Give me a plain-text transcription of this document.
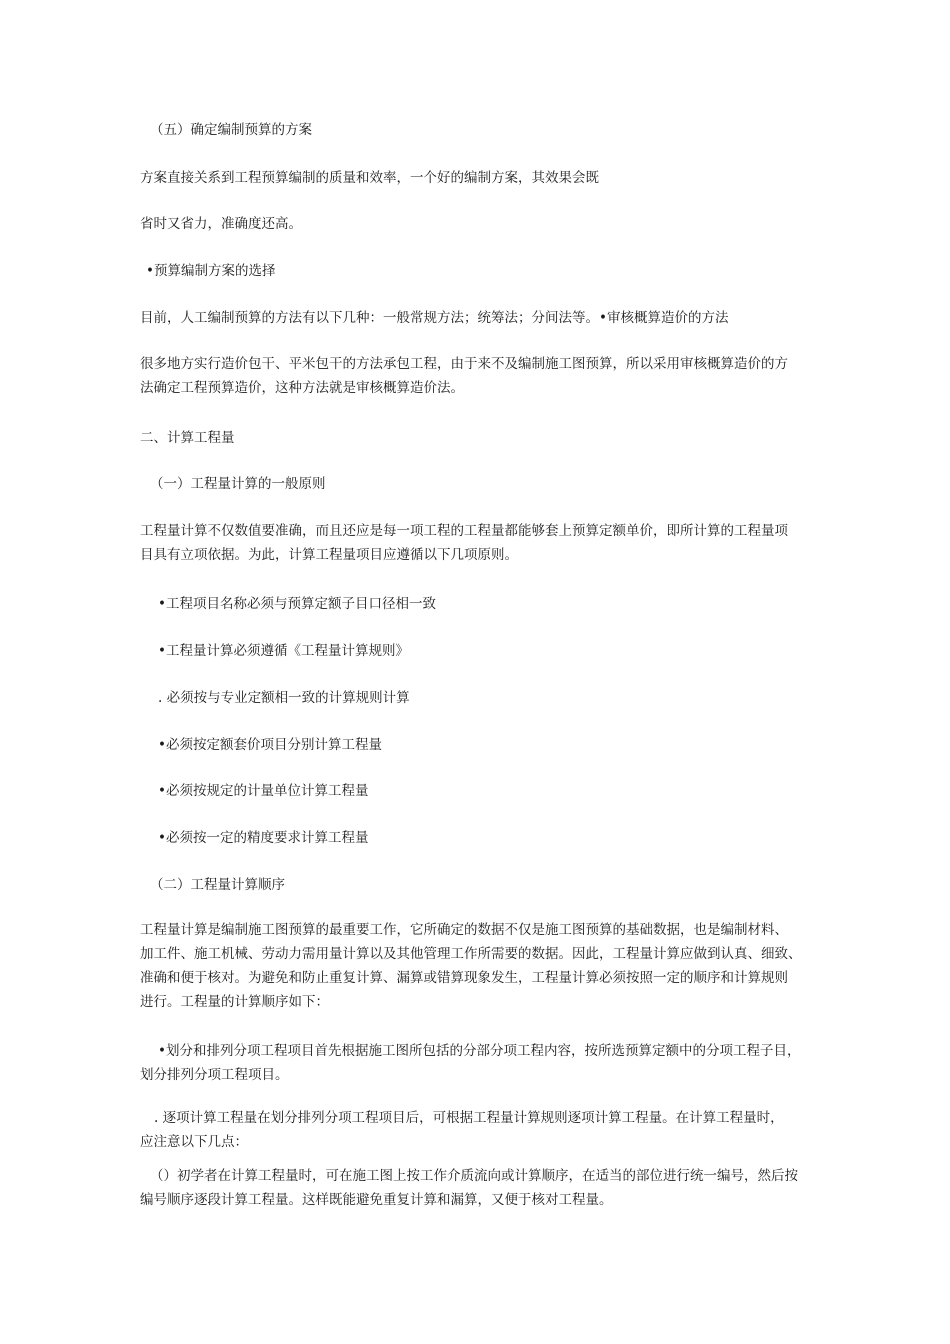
（五）确定编制预算的方案

方案直接关系到工程预算编制的质量和效率，一个好的编制方案，其效果会既

省时又省力，准确度还高。

•预算编制方案的选择

目前，人工编制预算的方法有以下几种：一般常规方法；统筹法；分间法等。•审核概算造价的方法

很多地方实行造价包干、平米包干的方法承包工程，由于来不及编制施工图预算，所以采用审核概算造价的方
法确定工程预算造价，这种方法就是审核概算造价法。

二、计算工程量

（一）工程量计算的一般原则

工程量计算不仅数值要准确，而且还应是每一项工程的工程量都能够套上预算定额单价，即所计算的工程量项
目具有立项依据。为此，计算工程量项目应遵循以下几项原则。

•工程项目名称必须与预算定额子目口径相一致

•工程量计算必须遵循《工程量计算规则》

. 必须按与专业定额相一致的计算规则计算

•必须按定额套价项目分别计算工程量

•必须按规定的计量单位计算工程量

•必须按一定的精度要求计算工程量

（二）工程量计算顺序

工程量计算是编制施工图预算的最重要工作，它所确定的数据不仅是施工图预算的基础数据，也是编制材料、
加工件、施工机械、劳动力需用量计算以及其他管理工作所需要的数据。因此，工程量计算应做到认真、细致、
准确和便于核对。为避免和防止重复计算、漏算或错算现象发生，工程量计算必须按照一定的顺序和计算规则
进行。工程量的计算顺序如下：

•划分和排列分项工程项目首先根据施工图所包括的分部分项工程内容，按所选预算定额中的分项工程子目，
划分排列分项工程项目。

. 逐项计算工程量在划分排列分项工程项目后，可根据工程量计算规则逐项计算工程量。在计算工程量时，
应注意以下几点：

（）初学者在计算工程量时，可在施工图上按工作介质流向或计算顺序，在适当的部位进行统一编号，然后按
编号顺序逐段计算工程量。这样既能避免重复计算和漏算，又便于核对工程量。
